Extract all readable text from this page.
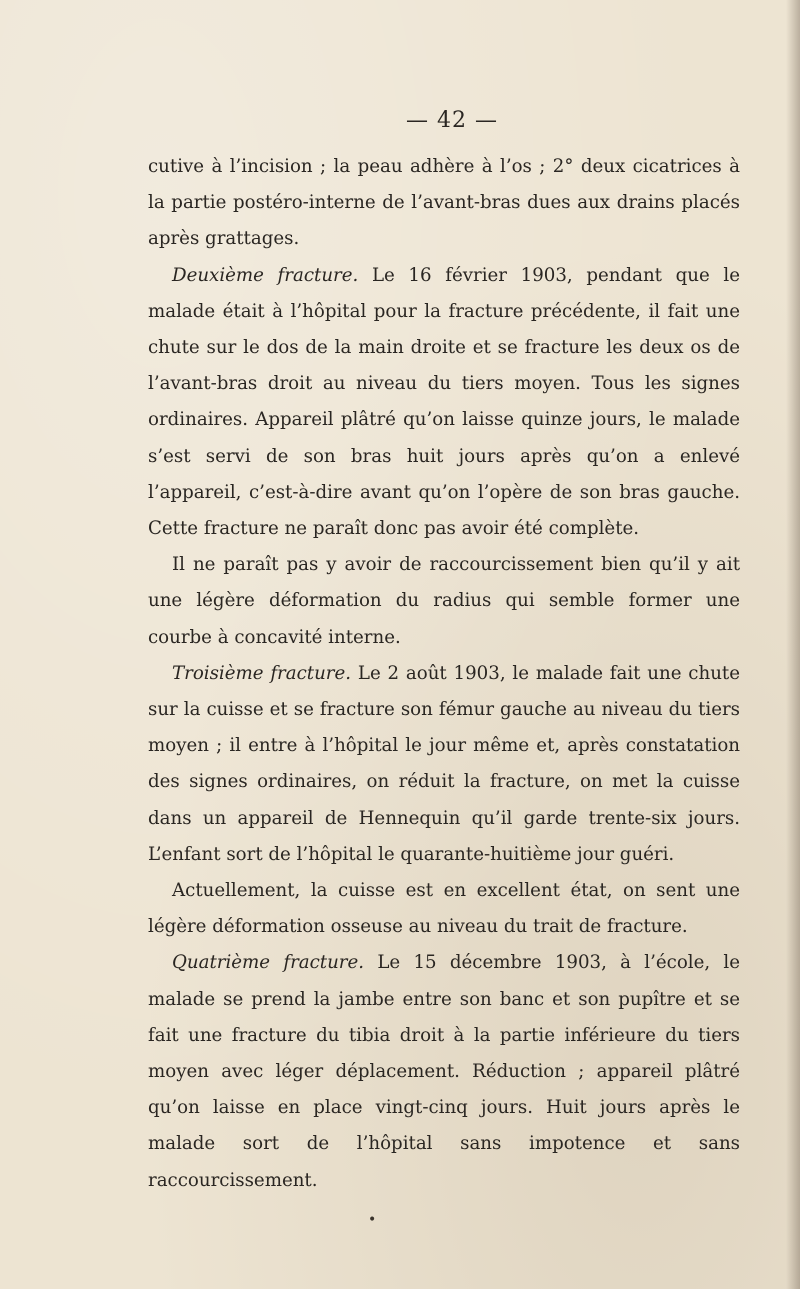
— 42 —

cutive à l’incision ; la peau adhère à l’os ; 2° deux cicatrices à la partie postéro-interne de l’avant-bras dues aux drains placés après grattages.

Deuxième fracture. Le 16 février 1903, pendant que le malade était à l’hôpital pour la fracture précédente, il fait une chute sur le dos de la main droite et se fracture les deux os de l’avant-bras droit au niveau du tiers moyen. Tous les signes ordinaires. Appareil plâtré qu’on laisse quinze jours, le malade s’est servi de son bras huit jours après qu’on a enlevé l’appareil, c’est-à-dire avant qu’on l’opère de son bras gauche. Cette fracture ne paraît donc pas avoir été complète.

Il ne paraît pas y avoir de raccourcissement bien qu’il y ait une légère déformation du radius qui semble former une courbe à concavité interne.

Troisième fracture. Le 2 août 1903, le malade fait une chute sur la cuisse et se fracture son fémur gauche au niveau du tiers moyen ; il entre à l’hôpital le jour même et, après constatation des signes ordinaires, on réduit la fracture, on met la cuisse dans un appareil de Hennequin qu’il garde trente-six jours. L’enfant sort de l’hôpital le quarante-huitième jour guéri.

Actuellement, la cuisse est en excellent état, on sent une légère déformation osseuse au niveau du trait de fracture.

Quatrième fracture. Le 15 décembre 1903, à l’école, le malade se prend la jambe entre son banc et son pupître et se fait une fracture du tibia droit à la partie inférieure du tiers moyen avec léger déplacement. Réduction ; appareil plâtré qu’on laisse en place vingt-cinq jours. Huit jours après le malade sort de l’hôpital sans impotence et sans raccourcissement.

•
